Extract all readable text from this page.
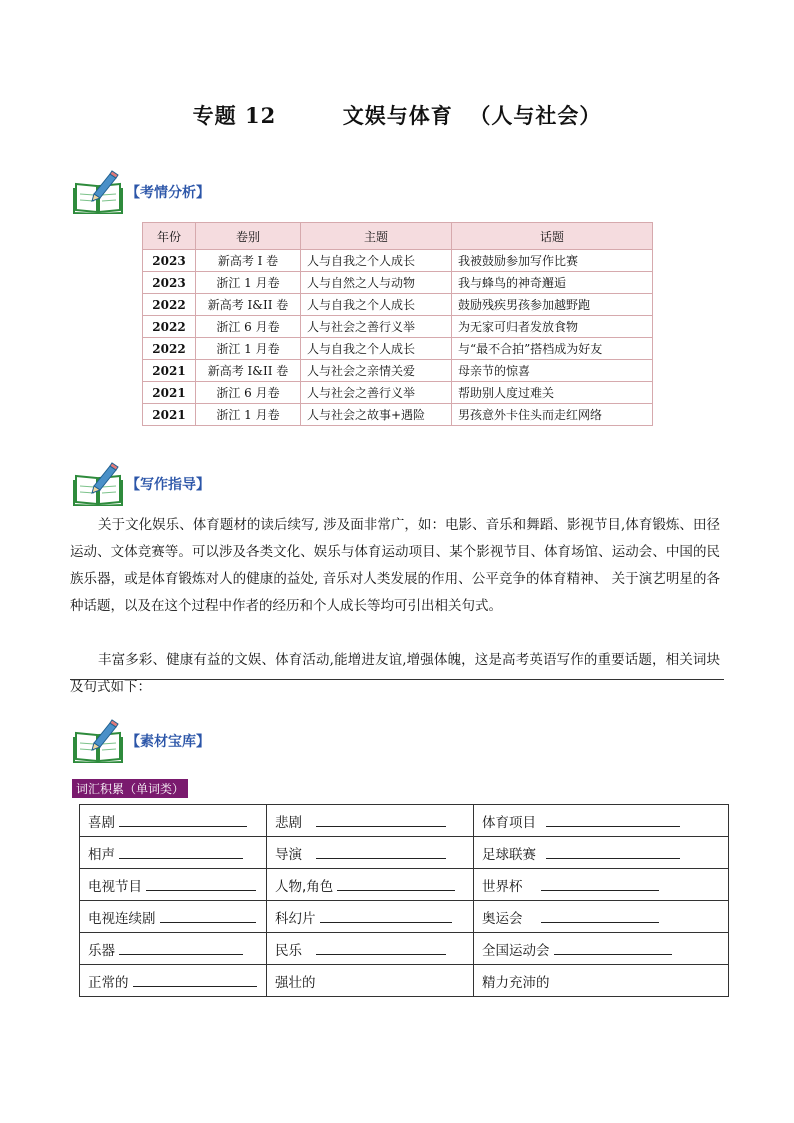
专题 12        文娱与体育  （人与社会）
【考情分析】
年份	卷别	主题	话题
2023	新高考 I 卷	人与自我之个人成长	我被鼓励参加写作比赛
2023	浙江 1 月卷	人与自然之人与动物	我与蜂鸟的神奇邂逅
2022	新高考 I&II 卷	人与自我之个人成长	鼓励残疾男孩参加越野跑
2022	浙江 6 月卷	人与社会之善行义举	为无家可归者发放食物
2022	浙江 1 月卷	人与自我之个人成长	与“最不合拍”搭档成为好友
2021	新高考 I&II 卷	人与社会之亲情关爱	母亲节的惊喜
2021	浙江 6 月卷	人与社会之善行义举	帮助别人度过难关
2021	浙江 1 月卷	人与社会之故事+遇险	男孩意外卡住头而走红网络
【写作指导】
关于文化娱乐、体育题材的读后续写, 涉及面非常广，如：电影、音乐和舞蹈、影视节目,体育锻炼、田径运动、文体竞赛等。可以涉及各类文化、娱乐与体育运动项目、某个影视节目、体育场馆、运动会、中国的民族乐器，或是体育锻炼对人的健康的益处, 音乐对人类发展的作用、公平竞争的体育精神、 关于演艺明星的各种话题，以及在这个过程中作者的经历和个人成长等均可引出相关句式。
丰富多彩、健康有益的文娱、体育活动,能增进友谊,增强体魄，这是高考英语写作的重要话题，相关词块及句式如下：
【素材宝库】
词汇积累（单词类）
喜剧	悲剧	体育项目
相声	导演	足球联赛
电视节目	人物,角色	世界杯
电视连续剧	科幻片	奥运会
乐器	民乐	全国运动会
正常的	强壮的	精力充沛的
